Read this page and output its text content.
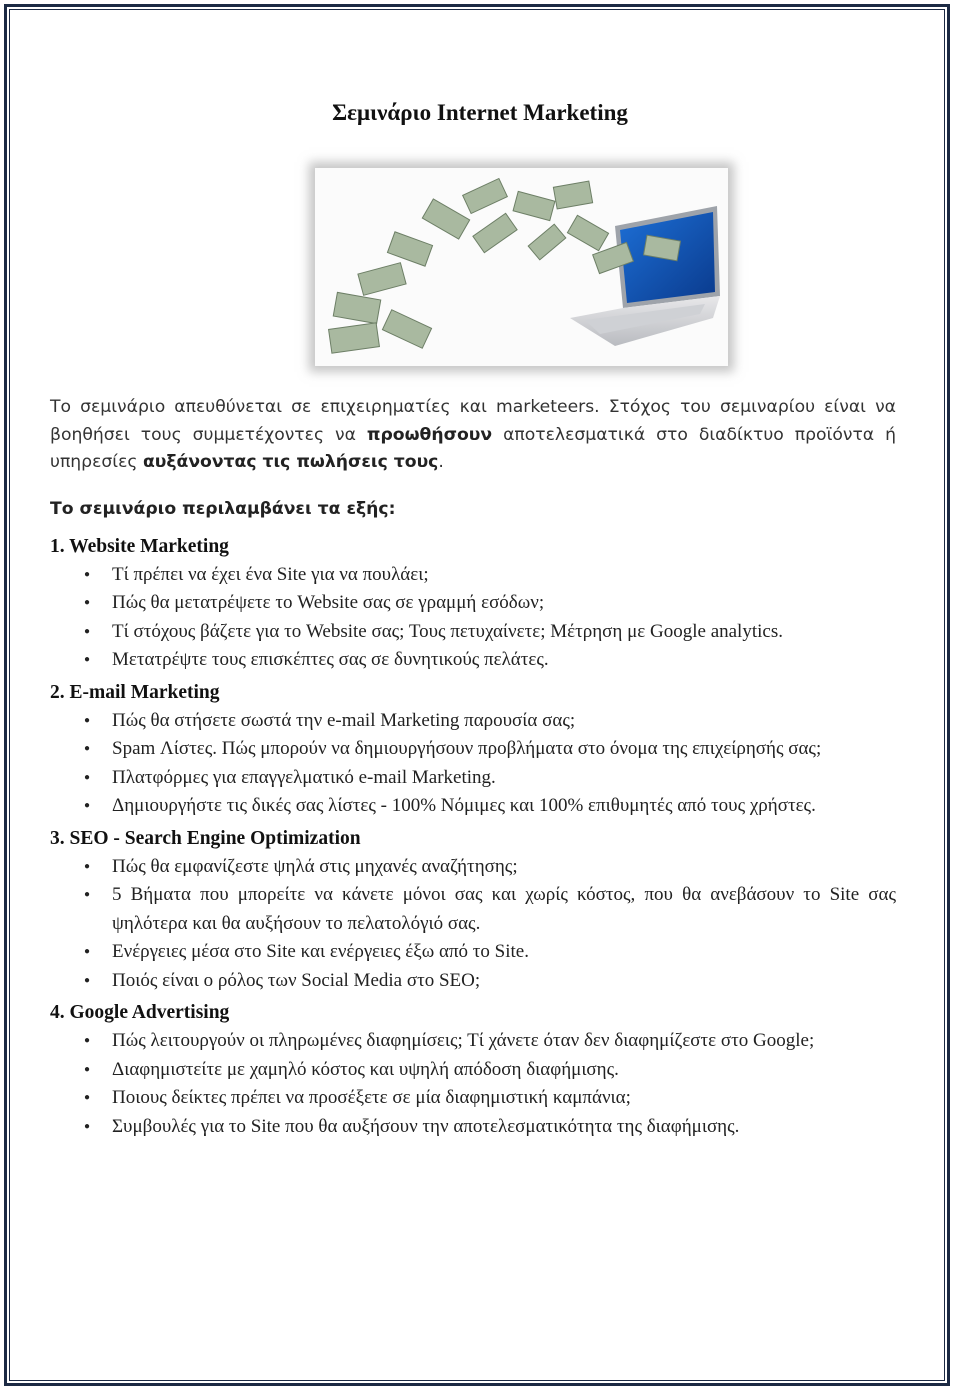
Σεμινάριο Internet Marketing

Το σεμινάριο απευθύνεται σε επιχειρηματίες και marketeers. Στόχος του σεμιναρίου είναι να βοηθήσει τους συμμετέχοντες να προωθήσουν αποτελεσματικά στο διαδίκτυο προϊόντα ή υπηρεσίες αυξάνοντας τις πωλήσεις τους.

Το σεμινάριο περιλαμβάνει τα εξής:

1. Website Marketing

● Τί πρέπει να έχει ένα Site για να πουλάει;
● Πώς θα μετατρέψετε το Website σας σε γραμμή εσόδων;
● Τί στόχους βάζετε για το Website σας; Τους πετυχαίνετε; Μέτρηση με Google analytics.
● Μετατρέψτε τους επισκέπτες σας σε δυνητικούς πελάτες.

2. E-mail Marketing

● Πώς θα στήσετε σωστά την e-mail Marketing παρουσία σας;
● Spam Λίστες. Πώς μπορούν να δημιουργήσουν προβλήματα στο όνομα της επιχείρησής σας;
● Πλατφόρμες για επαγγελματικό e-mail Marketing.
● Δημιουργήστε τις δικές σας λίστες - 100% Νόμιμες και 100% επιθυμητές από τους χρήστες.

3. SEO - Search Engine Optimization

● Πώς θα εμφανίζεστε ψηλά στις μηχανές αναζήτησης;
● 5 Βήματα που μπορείτε να κάνετε μόνοι σας και χωρίς κόστος, που θα ανεβάσουν το Site σας ψηλότερα και θα αυξήσουν το πελατολόγιό σας.
● Ενέργειες μέσα στο Site και ενέργειες έξω από το Site.
● Ποιός είναι ο ρόλος των Social Media στο SEO;

4. Google Advertising

● Πώς λειτουργούν οι πληρωμένες διαφημίσεις; Τί χάνετε όταν δεν διαφημίζεστε στο Google;
● Διαφημιστείτε με χαμηλό κόστος και υψηλή απόδοση διαφήμισης.
● Ποιους δείκτες πρέπει να προσέξετε σε μία διαφημιστική καμπάνια;
● Συμβουλές για το Site που θα αυξήσουν την αποτελεσματικότητα της διαφήμισης.
